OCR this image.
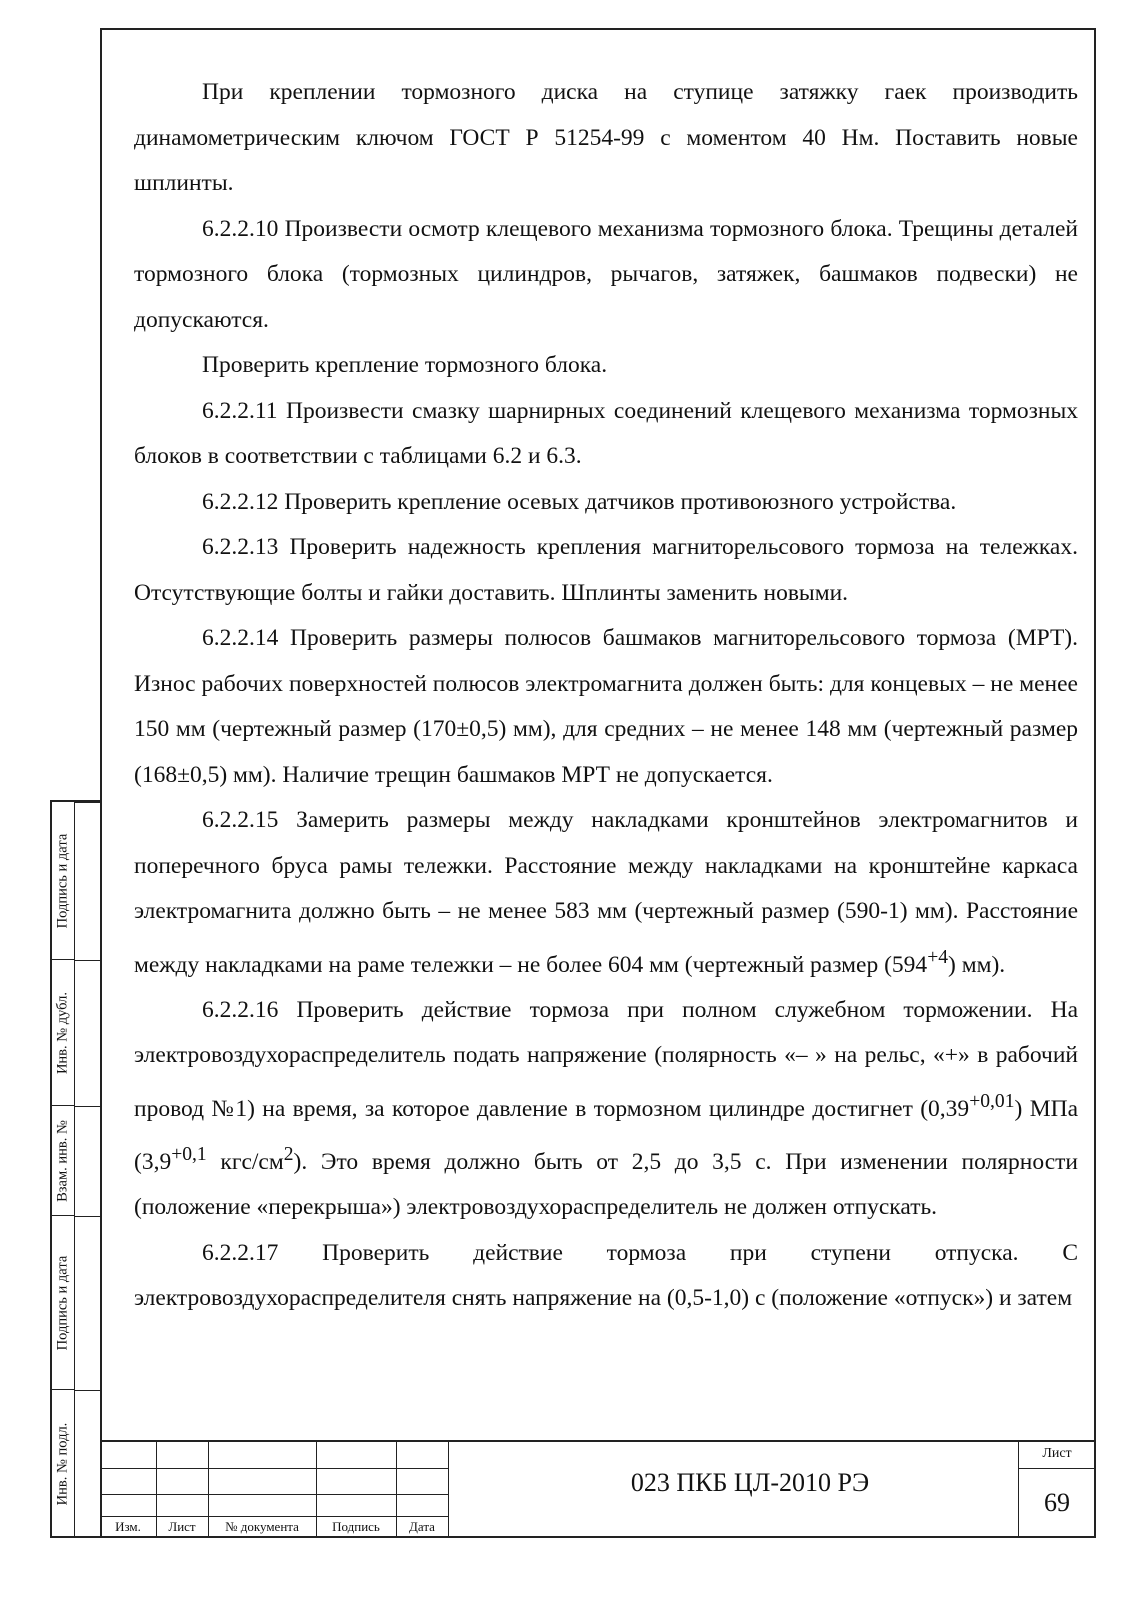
При креплении тормозного диска на ступице затяжку гаек производить динамометрическим ключом ГОСТ Р 51254-99 с моментом 40 Нм. Поставить новые шплинты.

6.2.2.10 Произвести осмотр клещевого механизма тормозного блока. Трещины деталей тормозного блока (тормозных цилиндров, рычагов, затяжек, башмаков подвески) не допускаются.

Проверить крепление тормозного блока.

6.2.2.11 Произвести смазку шарнирных соединений клещевого механизма тормозных блоков в соответствии с таблицами 6.2 и 6.3.

6.2.2.12 Проверить крепление осевых датчиков противоюзного устройства.

6.2.2.13 Проверить надежность крепления магниторельсового тормоза на тележках. Отсутствующие болты и гайки доставить. Шплинты заменить новыми.

6.2.2.14 Проверить размеры полюсов башмаков магниторельсового тормоза (МРТ). Износ рабочих поверхностей полюсов электромагнита должен быть: для концевых – не менее 150 мм (чертежный размер (170±0,5) мм), для средних – не менее 148 мм (чертежный размер (168±0,5) мм). Наличие трещин башмаков МРТ не допускается.

6.2.2.15 Замерить размеры между накладками кронштейнов электромагнитов и поперечного бруса рамы тележки. Расстояние между накладками на кронштейне каркаса электромагнита должно быть – не менее 583 мм (чертежный размер (590-1) мм). Расстояние между накладками на раме тележки – не более 604 мм (чертежный размер $(594^{+4})$ мм).

6.2.2.16 Проверить действие тормоза при полном служебном торможении. На электровоздухораспределитель подать напряжение (полярность «– » на рельс, «+» в рабочий провод №1) на время, за которое давление в тормозном цилиндре достигнет $(0,39^{+0,01})$ МПа ($3,9^{+0,1}$ кгс/$см^2$). Это время должно быть от 2,5 до 3,5 с. При изменении полярности (положение «перекрыша») электровоздухораспределитель не должен отпускать.

6.2.2.17 Проверить действие тормоза при ступени отпуска. С электровоздухораспределителя снять напряжение на (0,5-1,0) с (положение «отпуск») и затем

Подпись и дата
Инв. № дубл.
Взам. инв. №
Подпись и дата
Инв. № подл.
Изм.	Лист	№ документа	Подпись	Дата
023 ПКБ ЦЛ-2010 РЭ
Лист
69
